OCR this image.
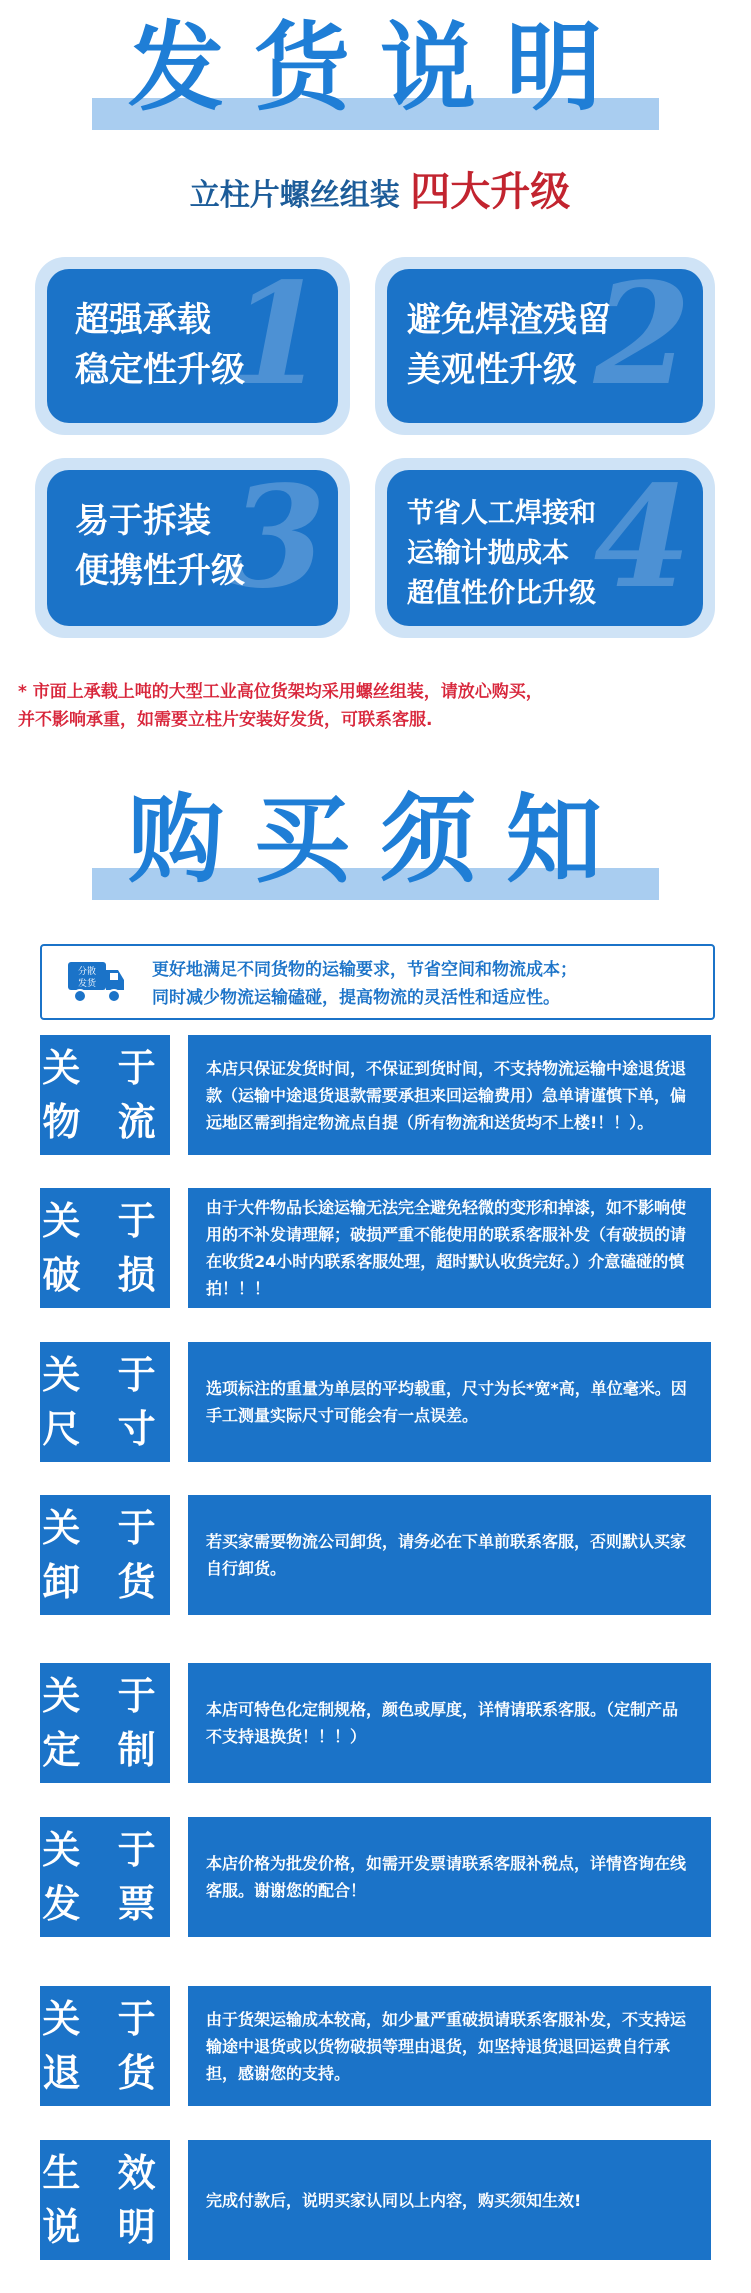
发货说明
立柱片螺丝组装 四大升级
1
超强承载
稳定性升级 2
避免焊渣残留
美观性升级
3
易于拆装
便携性升级 4
节省人工焊接和
运输计抛成本
超值性价比升级
* 市面上承载上吨的大型工业高位货架均采用螺丝组装，请放心购买，
并不影响承重，如需要立柱片安装好发货，可联系客服.
购买须知
分散
发货
更好地满足不同货物的运输要求，节省空间和物流成本；
同时减少物流运输磕碰，提高物流的灵活性和适应性。
关 于
物 流
本店只保证发货时间，不保证到货时间，不支持物流运输中途退货退款（运输中途退货退款需要承担来回运输费用）急单请谨慎下单，偏远地区需到指定物流点自提（所有物流和送货均不上楼!！！）。
关 于
破 损
由于大件物品长途运输无法完全避免轻微的变形和掉漆，如不影响使用的不补发请理解；破损严重不能使用的联系客服补发（有破损的请在收货24小时内联系客服处理，超时默认收货完好。）介意磕碰的慎拍！！！
关 于
尺 寸
选项标注的重量为单层的平均载重，尺寸为长*宽*高，单位毫米。因手工测量实际尺寸可能会有一点误差。
关 于
卸 货
若买家需要物流公司卸货，请务必在下单前联系客服，否则默认买家自行卸货。
关 于
定 制
本店可特色化定制规格，颜色或厚度，详情请联系客服。（定制产品不支持退换货！！！）
关 于
发 票
本店价格为批发价格，如需开发票请联系客服补税点，详情咨询在线客服。谢谢您的配合！
关 于
退 货
由于货架运输成本较高，如少量严重破损请联系客服补发，不支持运输途中退货或以货物破损等理由退货，如坚持退货退回运费自行承担，感谢您的支持。
生 效
说 明
完成付款后，说明买家认同以上内容，购买须知生效!
